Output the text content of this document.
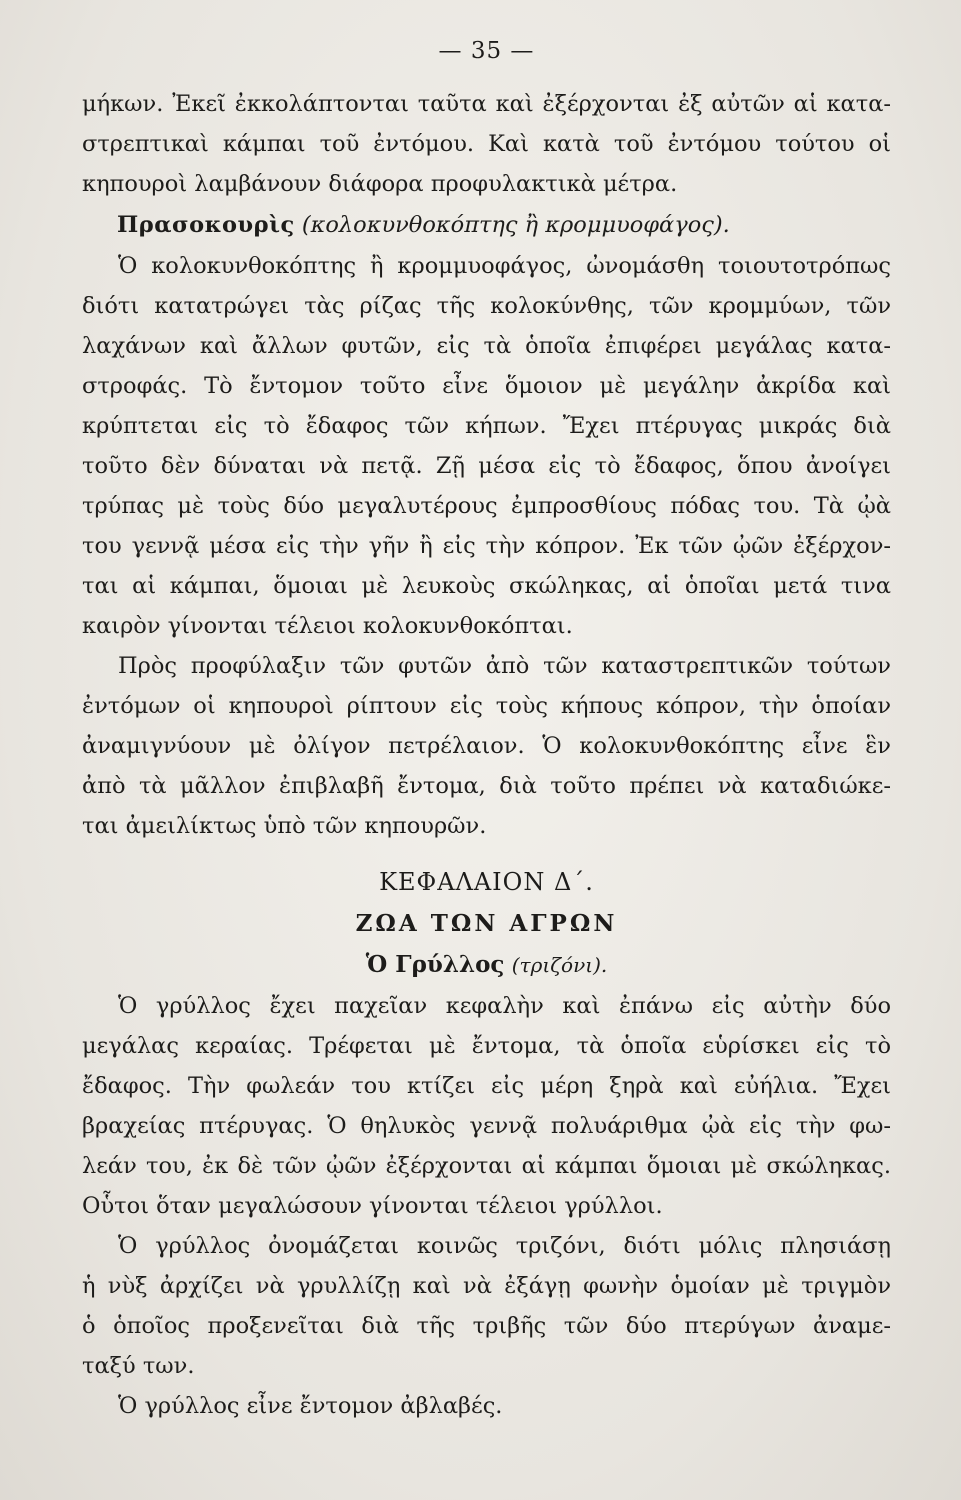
— 35 —
μήκων. Ἐκεῖ ἐκκολάπτονται ταῦτα καὶ ἐξέρχονται ἐξ αὐτῶν αἱ κατα-
στρεπτικαὶ κάμπαι τοῦ ἐντόμου. Καὶ κατὰ τοῦ ἐντόμου τούτου οἱ
κηπουροὶ λαμβάνουν διάφορα προφυλακτικὰ μέτρα.
Πρασοκουρὶς (κολοκυνθοκόπτης ἢ κρομμυοφάγος).
Ὁ κολοκυνθοκόπτης ἢ κρομμυοφάγος, ὠνομάσθη τοιουτοτρόπως
διότι κατατρώγει τὰς ρίζας τῆς κολοκύνθης, τῶν κρομμύων, τῶν
λαχάνων καὶ ἄλλων φυτῶν, εἰς τὰ ὁποῖα ἐπιφέρει μεγάλας κατα-
στροφάς. Τὸ ἔντομον τοῦτο εἶνε ὅμοιον μὲ μεγάλην ἀκρίδα καὶ
κρύπτεται εἰς τὸ ἔδαφος τῶν κήπων. Ἔχει πτέρυγας μικράς διὰ
τοῦτο δὲν δύναται νὰ πετᾷ. Ζῇ μέσα εἰς τὸ ἔδαφος, ὅπου ἀνοίγει
τρύπας μὲ τοὺς δύο μεγαλυτέρους ἐμπροσθίους πόδας του. Τὰ ᾠὰ
του γεννᾷ μέσα εἰς τὴν γῆν ἢ εἰς τὴν κόπρον. Ἐκ τῶν ᾠῶν ἐξέρχον-
ται αἱ κάμπαι, ὅμοιαι μὲ λευκοὺς σκώληκας, αἱ ὁποῖαι μετά τινα
καιρὸν γίνονται τέλειοι κολοκυνθοκόπται.
Πρὸς προφύλαξιν τῶν φυτῶν ἀπὸ τῶν καταστρεπτικῶν τούτων
ἐντόμων οἱ κηπουροὶ ρίπτουν εἰς τοὺς κήπους κόπρον, τὴν ὁποίαν
ἀναμιγνύουν μὲ ὀλίγον πετρέλαιον. Ὁ κολοκυνθοκόπτης εἶνε ἓν
ἀπὸ τὰ μᾶλλον ἐπιβλαβῆ ἔντομα, διὰ τοῦτο πρέπει νὰ καταδιώκε-
ται ἀμειλίκτως ὑπὸ τῶν κηπουρῶν.
ΚΕΦΑΛΑΙΟΝ Δ΄.
ΖΩΑ ΤΩΝ ΑΓΡΩΝ
Ὁ Γρύλλος (τριζόνι).
Ὁ γρύλλος ἔχει παχεῖαν κεφαλὴν καὶ ἐπάνω εἰς αὐτὴν δύο
μεγάλας κεραίας. Τρέφεται μὲ ἔντομα, τὰ ὁποῖα εὑρίσκει εἰς τὸ
ἔδαφος. Τὴν φωλεάν του κτίζει εἰς μέρη ξηρὰ καὶ εὐήλια. Ἔχει
βραχείας πτέρυγας. Ὁ θηλυκὸς γεννᾷ πολυάριθμα ᾠὰ εἰς τὴν φω-
λεάν του, ἐκ δὲ τῶν ᾠῶν ἐξέρχονται αἱ κάμπαι ὅμοιαι μὲ σκώληκας.
Οὗτοι ὅταν μεγαλώσουν γίνονται τέλειοι γρύλλοι.
Ὁ γρύλλος ὀνομάζεται κοινῶς τριζόνι, διότι μόλις πλησιάσῃ
ἡ νὺξ ἀρχίζει νὰ γρυλλίζῃ καὶ νὰ ἐξάγῃ φωνὴν ὁμοίαν μὲ τριγμὸν
ὁ ὁποῖος προξενεῖται διὰ τῆς τριβῆς τῶν δύο πτερύγων ἀναμε-
ταξύ των.
Ὁ γρύλλος εἶνε ἔντομον ἀβλαβές.
